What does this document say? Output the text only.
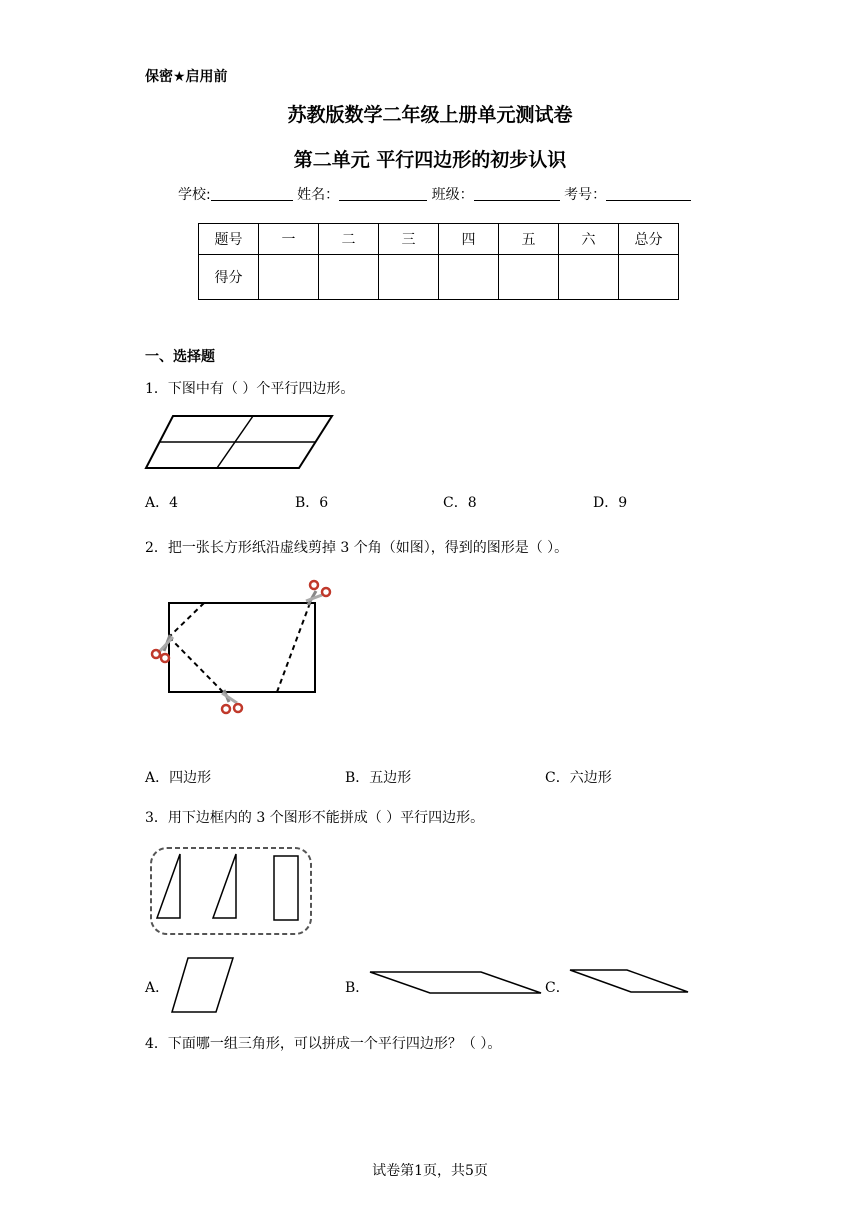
保密★启用前
苏教版数学二年级上册单元测试卷
第二单元 平行四边形的初步认识
学校:	姓名：	班级：	考号：
题号	一	二	三	四	五	六	总分
得分							
一、选择题
1．下图中有（ ）个平行四边形。
A．4	B．6	C．8	D．9
2．把一张长方形纸沿虚线剪掉 3 个角（如图），得到的图形是（ ）。
A．四边形	B．五边形	C．六边形
3．用下边框内的 3 个图形不能拼成（ ）平行四边形。
A．	B．	C．
4．下面哪一组三角形，可以拼成一个平行四边形？（ ）。
试卷第1页，共5页
